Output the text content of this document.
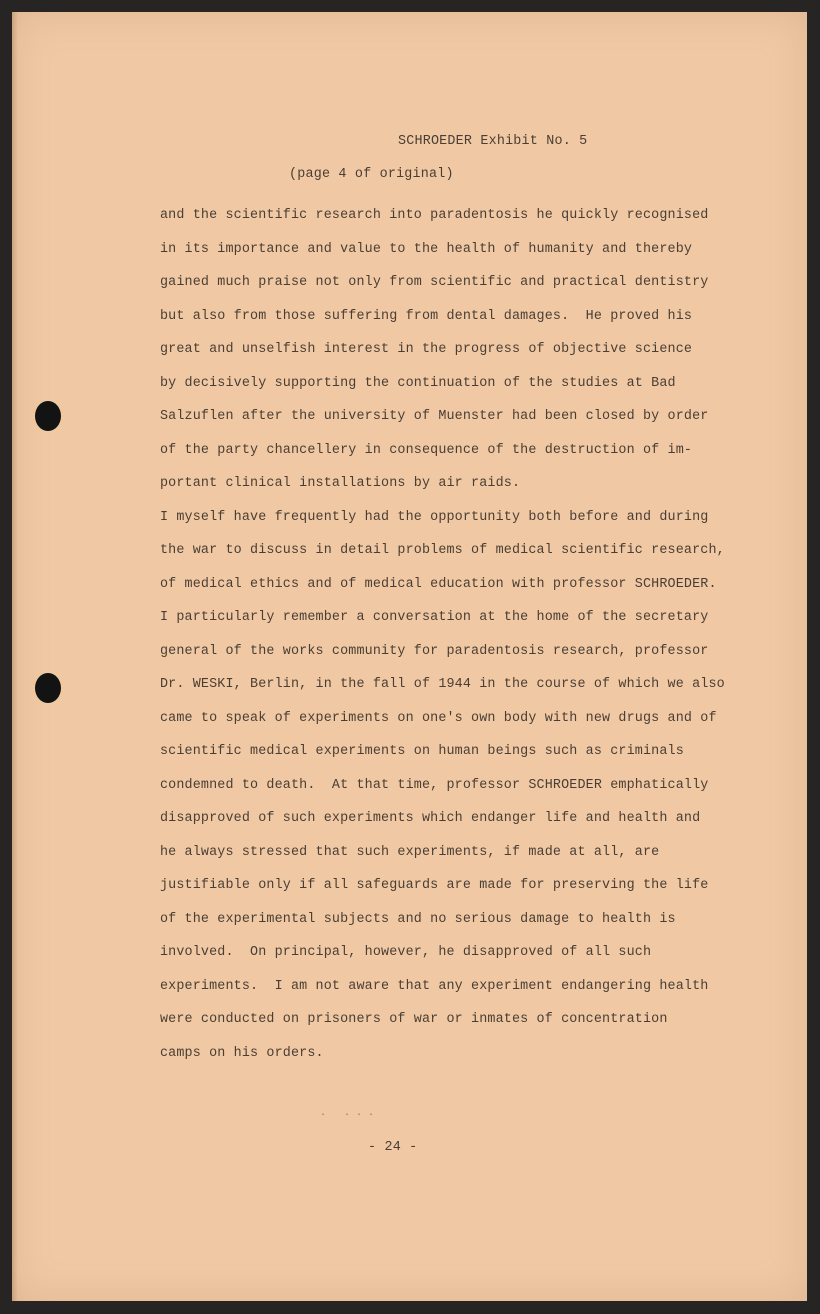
SCHROEDER Exhibit No. 5
(page 4 of original)
and the scientific research into paradentosis he quickly recognised
in its importance and value to the health of humanity and thereby
gained much praise not only from scientific and practical dentistry
but also from those suffering from dental damages.  He proved his
great and unselfish interest in the progress of objective science
by decisively supporting the continuation of the studies at Bad
Salzuflen after the university of Muenster had been closed by order
of the party chancellery in consequence of the destruction of im-
portant clinical installations by air raids.
I myself have frequently had the opportunity both before and during
the war to discuss in detail problems of medical scientific research,
of medical ethics and of medical education with professor SCHROEDER.
I particularly remember a conversation at the home of the secretary
general of the works community for paradentosis research, professor
Dr. WESKI, Berlin, in the fall of 1944 in the course of which we also
came to speak of experiments on one's own body with new drugs and of
scientific medical experiments on human beings such as criminals
condemned to death.  At that time, professor SCHROEDER emphatically
disapproved of such experiments which endanger life and health and
he always stressed that such experiments, if made at all, are
justifiable only if all safeguards are made for preserving the life
of the experimental subjects and no serious damage to health is
involved.  On principal, however, he disapproved of all such
experiments.  I am not aware that any experiment endangering health
were conducted on prisoners of war or inmates of concentration
camps on his orders.
.   . . .
- 24 -
